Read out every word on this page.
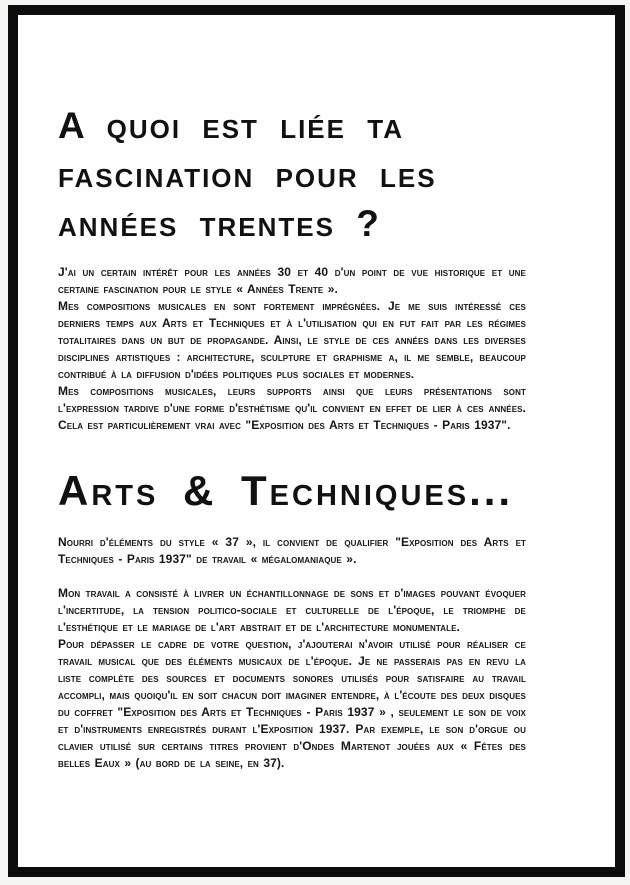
A quoi est liée ta
fascination pour les
années trentes ?

J'ai un certain intérêt pour les années 30 et 40 d'un point de vue historique et une certaine fascination pour le style « Années Trente ».

Mes compositions musicales en sont fortement imprégnées. Je me suis intéressé ces derniers temps aux Arts et Techniques et à l'utilisation qui en fut fait par les régimes totalitaires dans un but de propagande. Ainsi, le style de ces années dans les diverses disciplines artistiques : architecture, sculpture et graphisme a, il me semble, beaucoup contribué à la diffusion d'idées politiques plus sociales et modernes.

Mes compositions musicales, leurs supports ainsi que leurs présentations sont l'expression tardive d'une forme d'esthétisme qu'il convient en effet de lier à ces années. Cela est particulièrement vrai avec "Exposition des Arts et Techniques - Paris 1937".

Arts & Techniques...

Nourri d'éléments du style « 37 », il convient de qualifier "Exposition des Arts et Techniques - Paris 1937" de travail « mégalomaniaque ».

Mon travail a consisté à livrer un échantillonnage de sons et d'images pouvant évoquer l'incertitude, la tension politico-sociale et culturelle de l'époque, le triomphe de l'esthétique et le mariage de l'art abstrait et de l'architecture monumentale.

Pour dépasser le cadre de votre question, j'ajouterai n'avoir utilisé pour réaliser ce travail musical que des éléments musicaux de l'époque. Je ne passerais pas en revu la liste complète des sources et documents sonores utilisés pour satisfaire au travail accompli, mais quoiqu'il en soit chacun doit imaginer entendre, à l'écoute des deux disques du coffret "Exposition des Arts et Techniques - Paris 1937 » , seulement le son de voix et d'instruments enregistrés durant l'Exposition 1937. Par exemple, le son d'orgue ou clavier utilisé sur certains titres provient d'Ondes Martenot jouées aux « Fêtes des belles Eaux » (au bord de la seine, en 37).
